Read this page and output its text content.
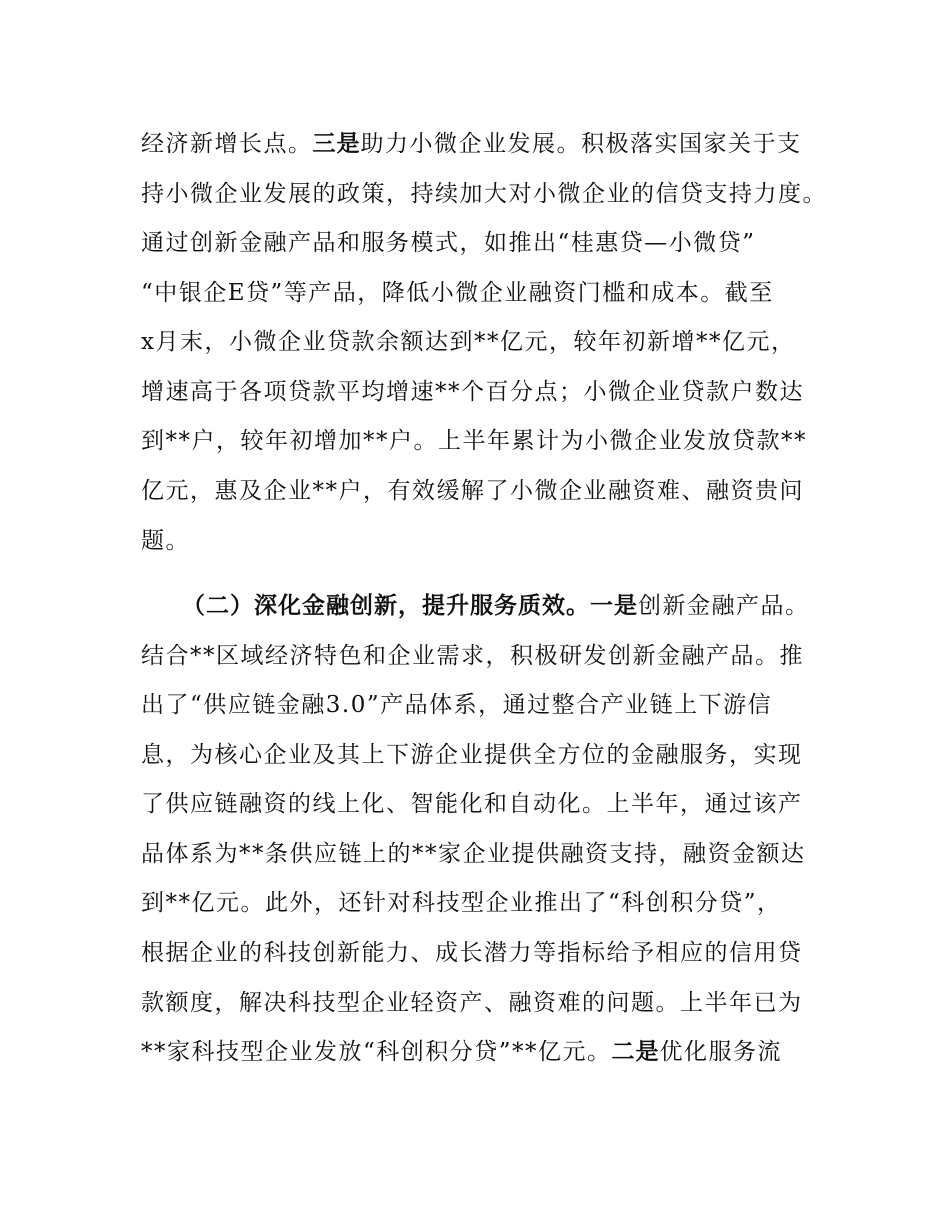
经济新增长点。三是助力小微企业发展。积极落实国家关于支
持小微企业发展的政策，持续加大对小微企业的信贷支持力度。
通过创新金融产品和服务模式，如推出“桂惠贷—小微贷”
“中银企E贷”等产品，降低小微企业融资门槛和成本。截至
x月末，小微企业贷款余额达到**亿元，较年初新增**亿元，
增速高于各项贷款平均增速**个百分点；小微企业贷款户数达
到**户，较年初增加**户。上半年累计为小微企业发放贷款**
亿元，惠及企业**户，有效缓解了小微企业融资难、融资贵问
题。
（二）深化金融创新，提升服务质效。一是创新金融产品。
结合**区域经济特色和企业需求，积极研发创新金融产品。推
出了“供应链金融3.0”产品体系，通过整合产业链上下游信
息，为核心企业及其上下游企业提供全方位的金融服务，实现
了供应链融资的线上化、智能化和自动化。上半年，通过该产
品体系为**条供应链上的**家企业提供融资支持，融资金额达
到**亿元。此外，还针对科技型企业推出了“科创积分贷”，
根据企业的科技创新能力、成长潜力等指标给予相应的信用贷
款额度，解决科技型企业轻资产、融资难的问题。上半年已为
**家科技型企业发放“科创积分贷”**亿元。二是优化服务流
